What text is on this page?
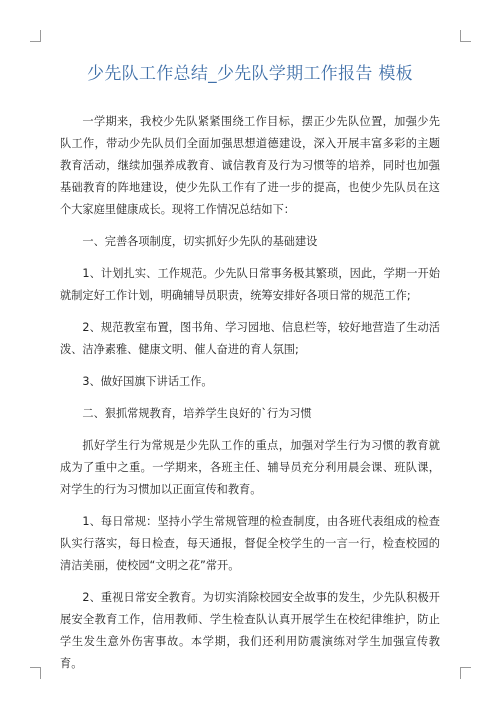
少先队工作总结_少先队学期工作报告 模板

一学期来，我校少先队紧紧围绕工作目标，摆正少先队位置，加强少先队工作，带动少先队员们全面加强思想道德建设，深入开展丰富多彩的主题教育活动，继续加强养成教育、诚信教育及行为习惯等的培养，同时也加强基础教育的阵地建设，使少先队工作有了进一步的提高，也使少先队员在这个大家庭里健康成长。现将工作情况总结如下：

一、完善各项制度，切实抓好少先队的基础建设

1、计划扎实、工作规范。少先队日常事务极其繁琐，因此，学期一开始就制定好工作计划，明确辅导员职责，统筹安排好各项日常的规范工作;

2、规范教室布置，图书角、学习园地、信息栏等，较好地营造了生动活泼、洁净素雅、健康文明、催人奋进的育人氛围;

3、做好国旗下讲话工作。

二、狠抓常规教育，培养学生良好的`行为习惯

抓好学生行为常规是少先队工作的重点，加强对学生行为习惯的教育就成为了重中之重。一学期来，各班主任、辅导员充分利用晨会课、班队课，对学生的行为习惯加以正面宣传和教育。

1、每日常规：坚持小学生常规管理的检查制度，由各班代表组成的检查队实行落实，每日检查，每天通报，督促全校学生的一言一行，检查校园的清洁美丽，使校园“文明之花”常开。

2、重视日常安全教育。为切实消除校园安全故事的发生，少先队积极开展安全教育工作，信用教师、学生检查队认真开展学生在校纪律维护，防止学生发生意外伤害事故。本学期，我们还利用防震演练对学生加强宣传教育。
